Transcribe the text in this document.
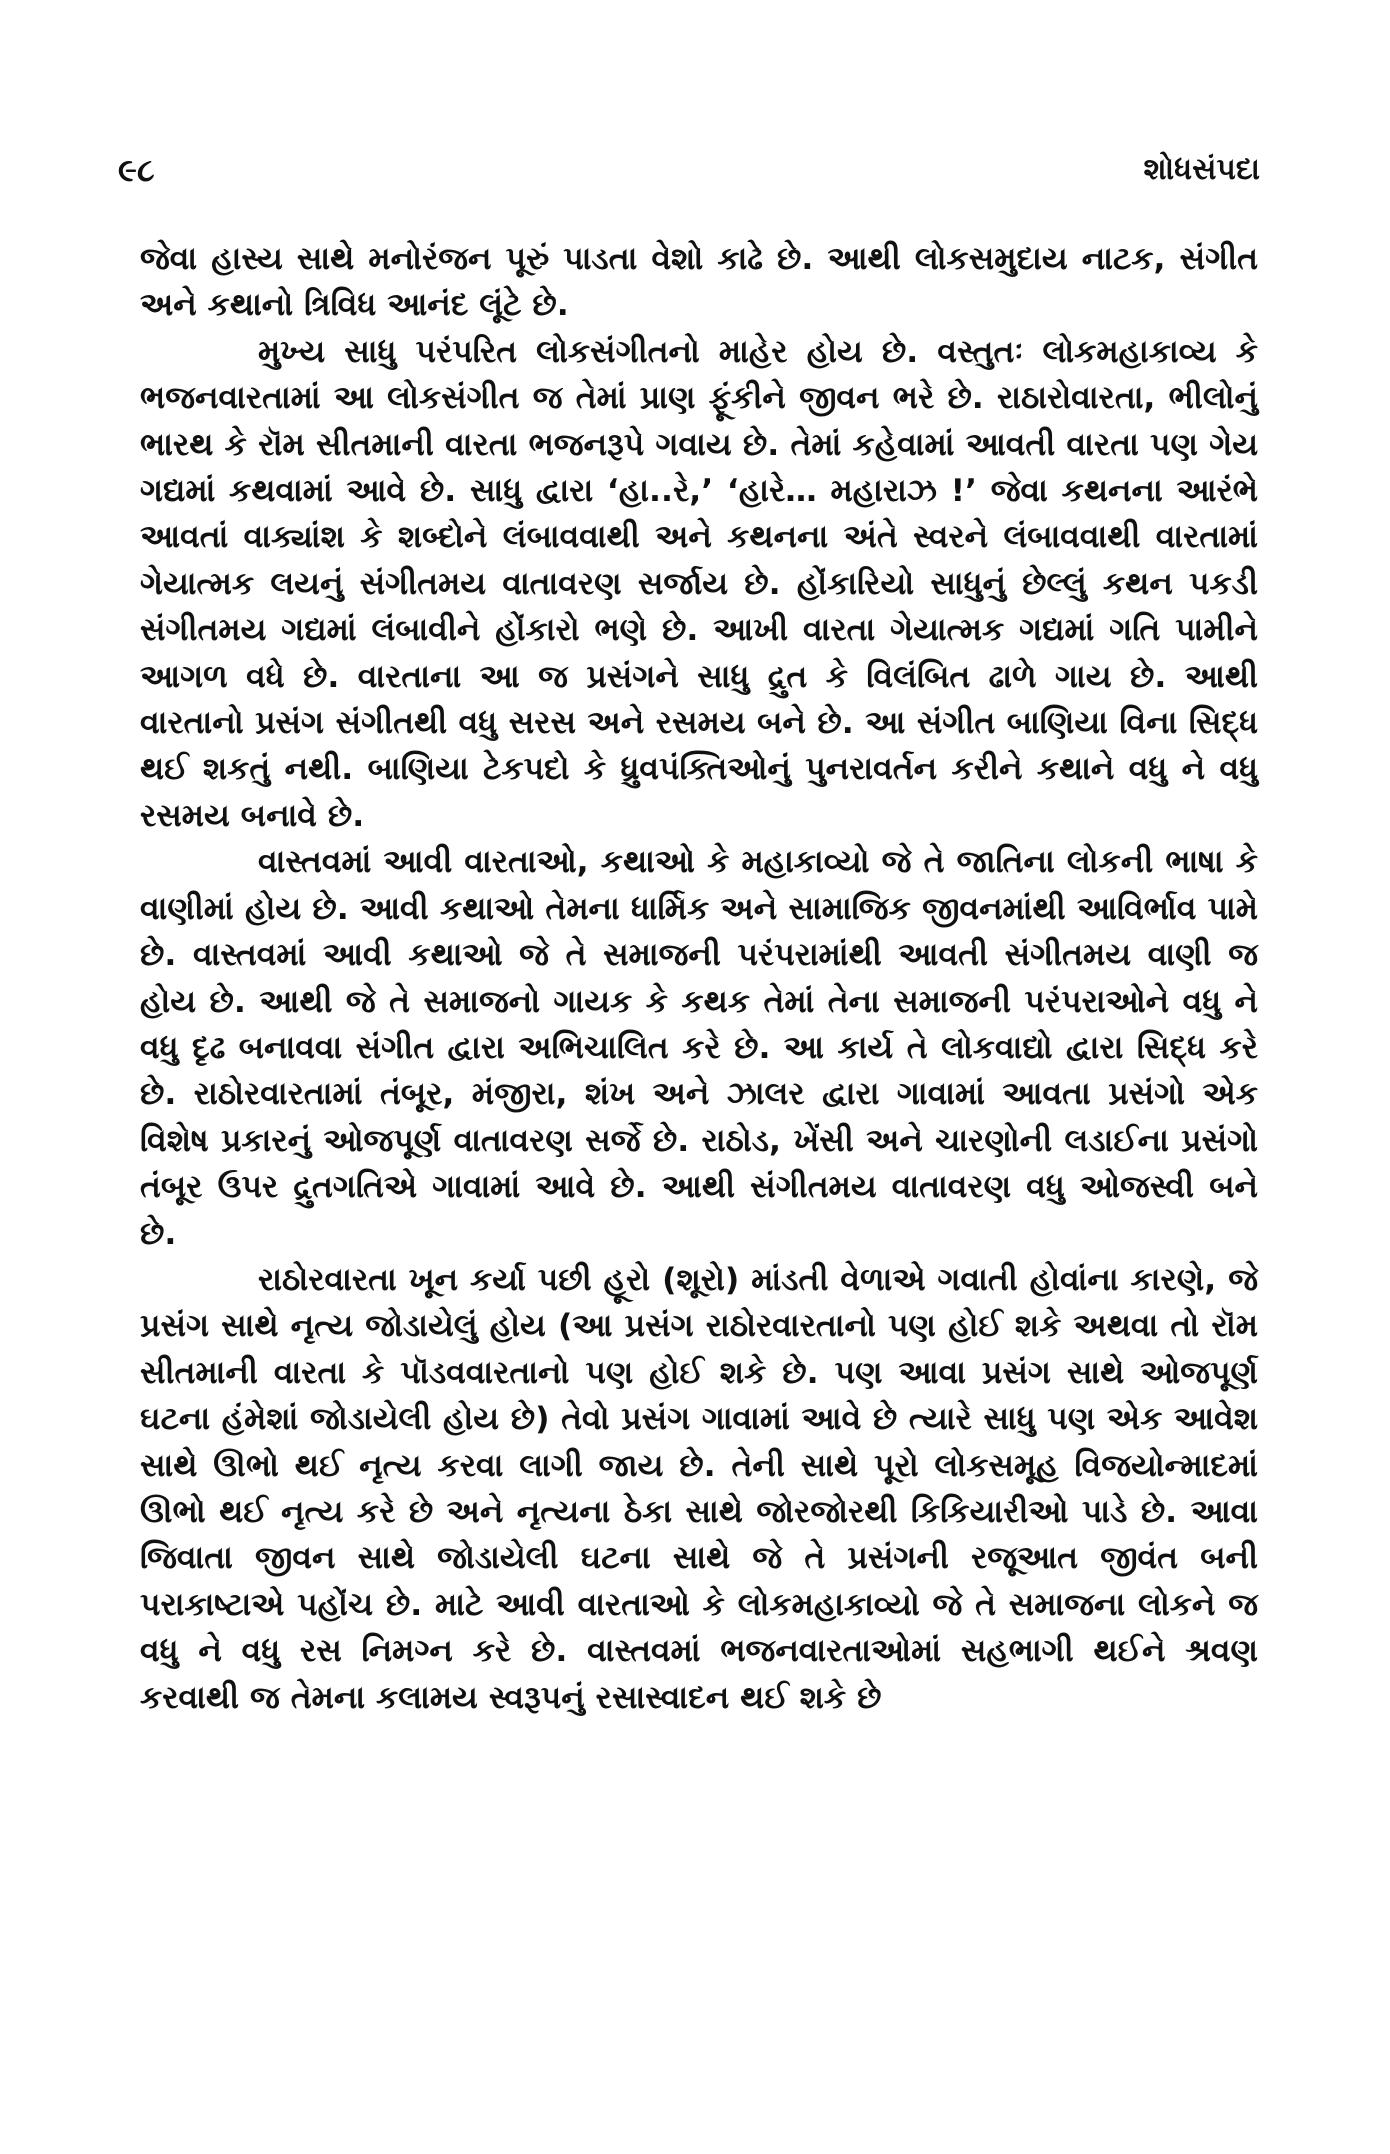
૯૮	શોધસંપદા

જેવા હાસ્ય સાથે મનોરંજન પૂરું પાડતા વેશો કાઢે છે. આથી લોકસમુદાય નાટક, સંગીત અને કથાનો ત્રિવિધ આનંદ લૂંટે છે.

મુખ્ય સાધુ પરંપરિત લોકસંગીતનો માહેર હોય છે. વસ્તુતઃ લોકમહાકાવ્ય કે ભજનવારતામાં આ લોકસંગીત જ તેમાં પ્રાણ ફૂંકીને જીવન ભરે છે. રાઠારોવારતા, ભીલોનું ભારથ કે રૉમ સીતમાની વારતા ભજનરૂપે ગવાય છે. તેમાં કહેવામાં આવતી વારતા પણ ગેય ગદ્યમાં કથવામાં આવે છે. સાધુ દ્વારા ‘હા..રે,’ ‘હારે… મહારાઝ !’ જેવા કથનના આરંભે આવતાં વાક્યાંશ કે શબ્દોને લંબાવવાથી અને કથનના અંતે સ્વરને લંબાવવાથી વારતામાં ગેયાત્મક લયનું સંગીતમય વાતાવરણ સર્જાય છે. હોંકારિયો સાધુનું છેલ્લું કથન પકડી સંગીતમય ગદ્યમાં લંબાવીને હોંકારો ભણે છે. આખી વારતા ગેયાત્મક ગદ્યમાં ગતિ પામીને આગળ વધે છે. વારતાના આ જ પ્રસંગને સાધુ દ્રુત કે વિલંબિત ઢાળે ગાય છે. આથી વારતાનો પ્રસંગ સંગીતથી વધુ સરસ અને રસમય બને છે. આ સંગીત બાણિયા વિના સિદ્ધ થઈ શકતું નથી. બાણિયા ટેકપદો કે ધ્રુવપંક્તિઓનું પુનરાવર્તન કરીને કથાને વધુ ને વધુ રસમય બનાવે છે.

વાસ્તવમાં આવી વારતાઓ, કથાઓ કે મહાકાવ્યો જે તે જાતિના લોકની ભાષા કે વાણીમાં હોય છે. આવી કથાઓ તેમના ધાર્મિક અને સામાજિક જીવનમાંથી આવિર્ભાવ પામે છે. વાસ્તવમાં આવી કથાઓ જે તે સમાજની પરંપરામાંથી આવતી સંગીતમય વાણી જ હોય છે. આથી જે તે સમાજનો ગાયક કે કથક તેમાં તેના સમાજની પરંપરાઓને વધુ ને વધુ દૃઢ બનાવવા સંગીત દ્વારા અભિચાલિત કરે છે. આ કાર્ય તે લોકવાદ્યો દ્વારા સિદ્ધ કરે છે. રાઠોરવારતામાં તંબૂર, મંજીરા, શંખ અને ઝાલર દ્વારા ગાવામાં આવતા પ્રસંગો એક વિશેષ પ્રકારનું ઓજપૂર્ણ વાતાવરણ સર્જે છે. રાઠોડ, ખેંસી અને ચારણોની લડાઈના પ્રસંગો તંબૂર ઉપર દ્રુતગતિએ ગાવામાં આવે છે. આથી સંગીતમય વાતાવરણ વધુ ઓજસ્વી બને છે.

રાઠોરવારતા ખૂન કર્યા પછી હૂરો (શૂરો) માંડતી વેળાએ ગવાતી હોવાંના કારણે, જે પ્રસંગ સાથે નૃત્ય જોડાયેલું હોય (આ પ્રસંગ રાઠોરવારતાનો પણ હોઈ શકે અથવા તો રૉમ સીતમાની વારતા કે પૉડવવારતાનો પણ હોઈ શકે છે. પણ આવા પ્રસંગ સાથે ઓજપૂર્ણ ઘટના હંમેશાં જોડાયેલી હોય છે) તેવો પ્રસંગ ગાવામાં આવે છે ત્યારે સાધુ પણ એક આવેશ સાથે ઊભો થઈ નૃત્ય કરવા લાગી જાય છે. તેની સાથે પૂરો લોકસમૂહ વિજયોન્માદમાં ઊભો થઈ નૃત્ય કરે છે અને નૃત્યના ઠેકા સાથે જોરજોરથી કિકિયારીઓ પાડે છે. આવા જિવાતા જીવન સાથે જોડાયેલી ઘટના સાથે જે તે પ્રસંગની રજૂઆત જીવંત બની પરાકાષ્ટાએ પહોંચ છે. માટે આવી વારતાઓ કે લોકમહાકાવ્યો જે તે સમાજના લોકને જ વધુ ને વધુ રસ નિમગ્ન કરે છે. વાસ્તવમાં ભજનવારતાઓમાં સહભાગી થઈને શ્રવણ કરવાથી જ તેમના કલામય સ્વરૂપનું રસાસ્વાદન થઈ શકે છે
